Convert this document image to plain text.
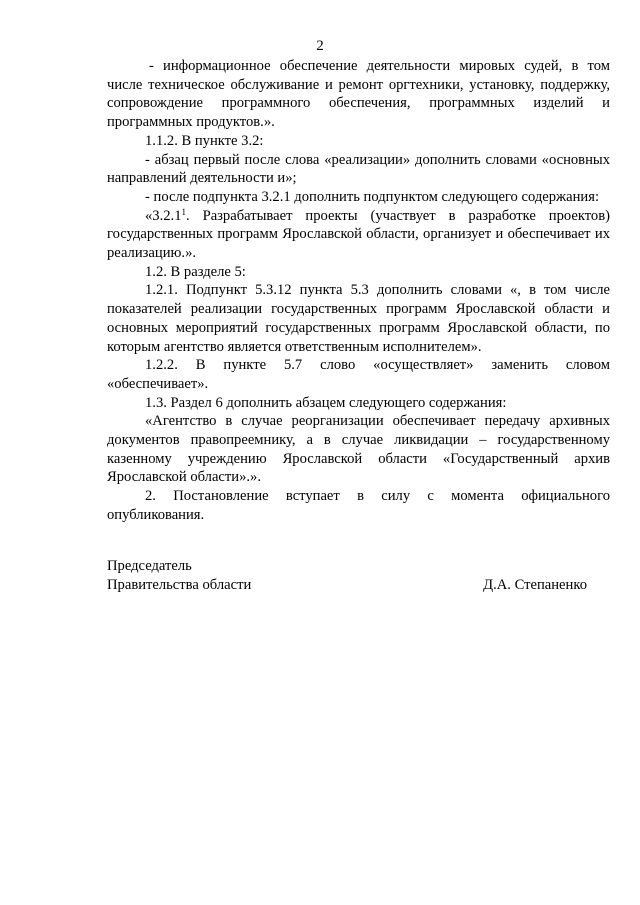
2

- информационное обеспечение деятельности мировых судей, в том числе техническое обслуживание и ремонт оргтехники, установку, поддержку, сопровождение программного обеспечения, программных изделий и программных продуктов.».

1.1.2. В пункте 3.2:

- абзац первый после слова «реализации» дополнить словами «основных направлений деятельности и»;

- после подпункта 3.2.1 дополнить подпунктом следующего содержания:

«3.2.1$^1$. Разрабатывает проекты (участвует в разработке проектов) государственных программ Ярославской области, организует и обеспечивает их реализацию.».

1.2. В разделе 5:

1.2.1. Подпункт 5.3.12 пункта 5.3 дополнить словами «, в том числе показателей реализации государственных программ Ярославской области и основных мероприятий государственных программ Ярославской области, по которым агентство является ответственным исполнителем».

1.2.2. В пункте 5.7 слово «осуществляет» заменить словом «обеспечивает».

1.3. Раздел 6 дополнить абзацем следующего содержания:

«Агентство в случае реорганизации обеспечивает передачу архивных документов правопреемнику, а в случае ликвидации – государственному казенному учреждению Ярославской области «Государственный архив Ярославской области».».

2. Постановление вступает в силу с момента официального опубликования.

Председатель
Правительства области	Д.А. Степаненко
